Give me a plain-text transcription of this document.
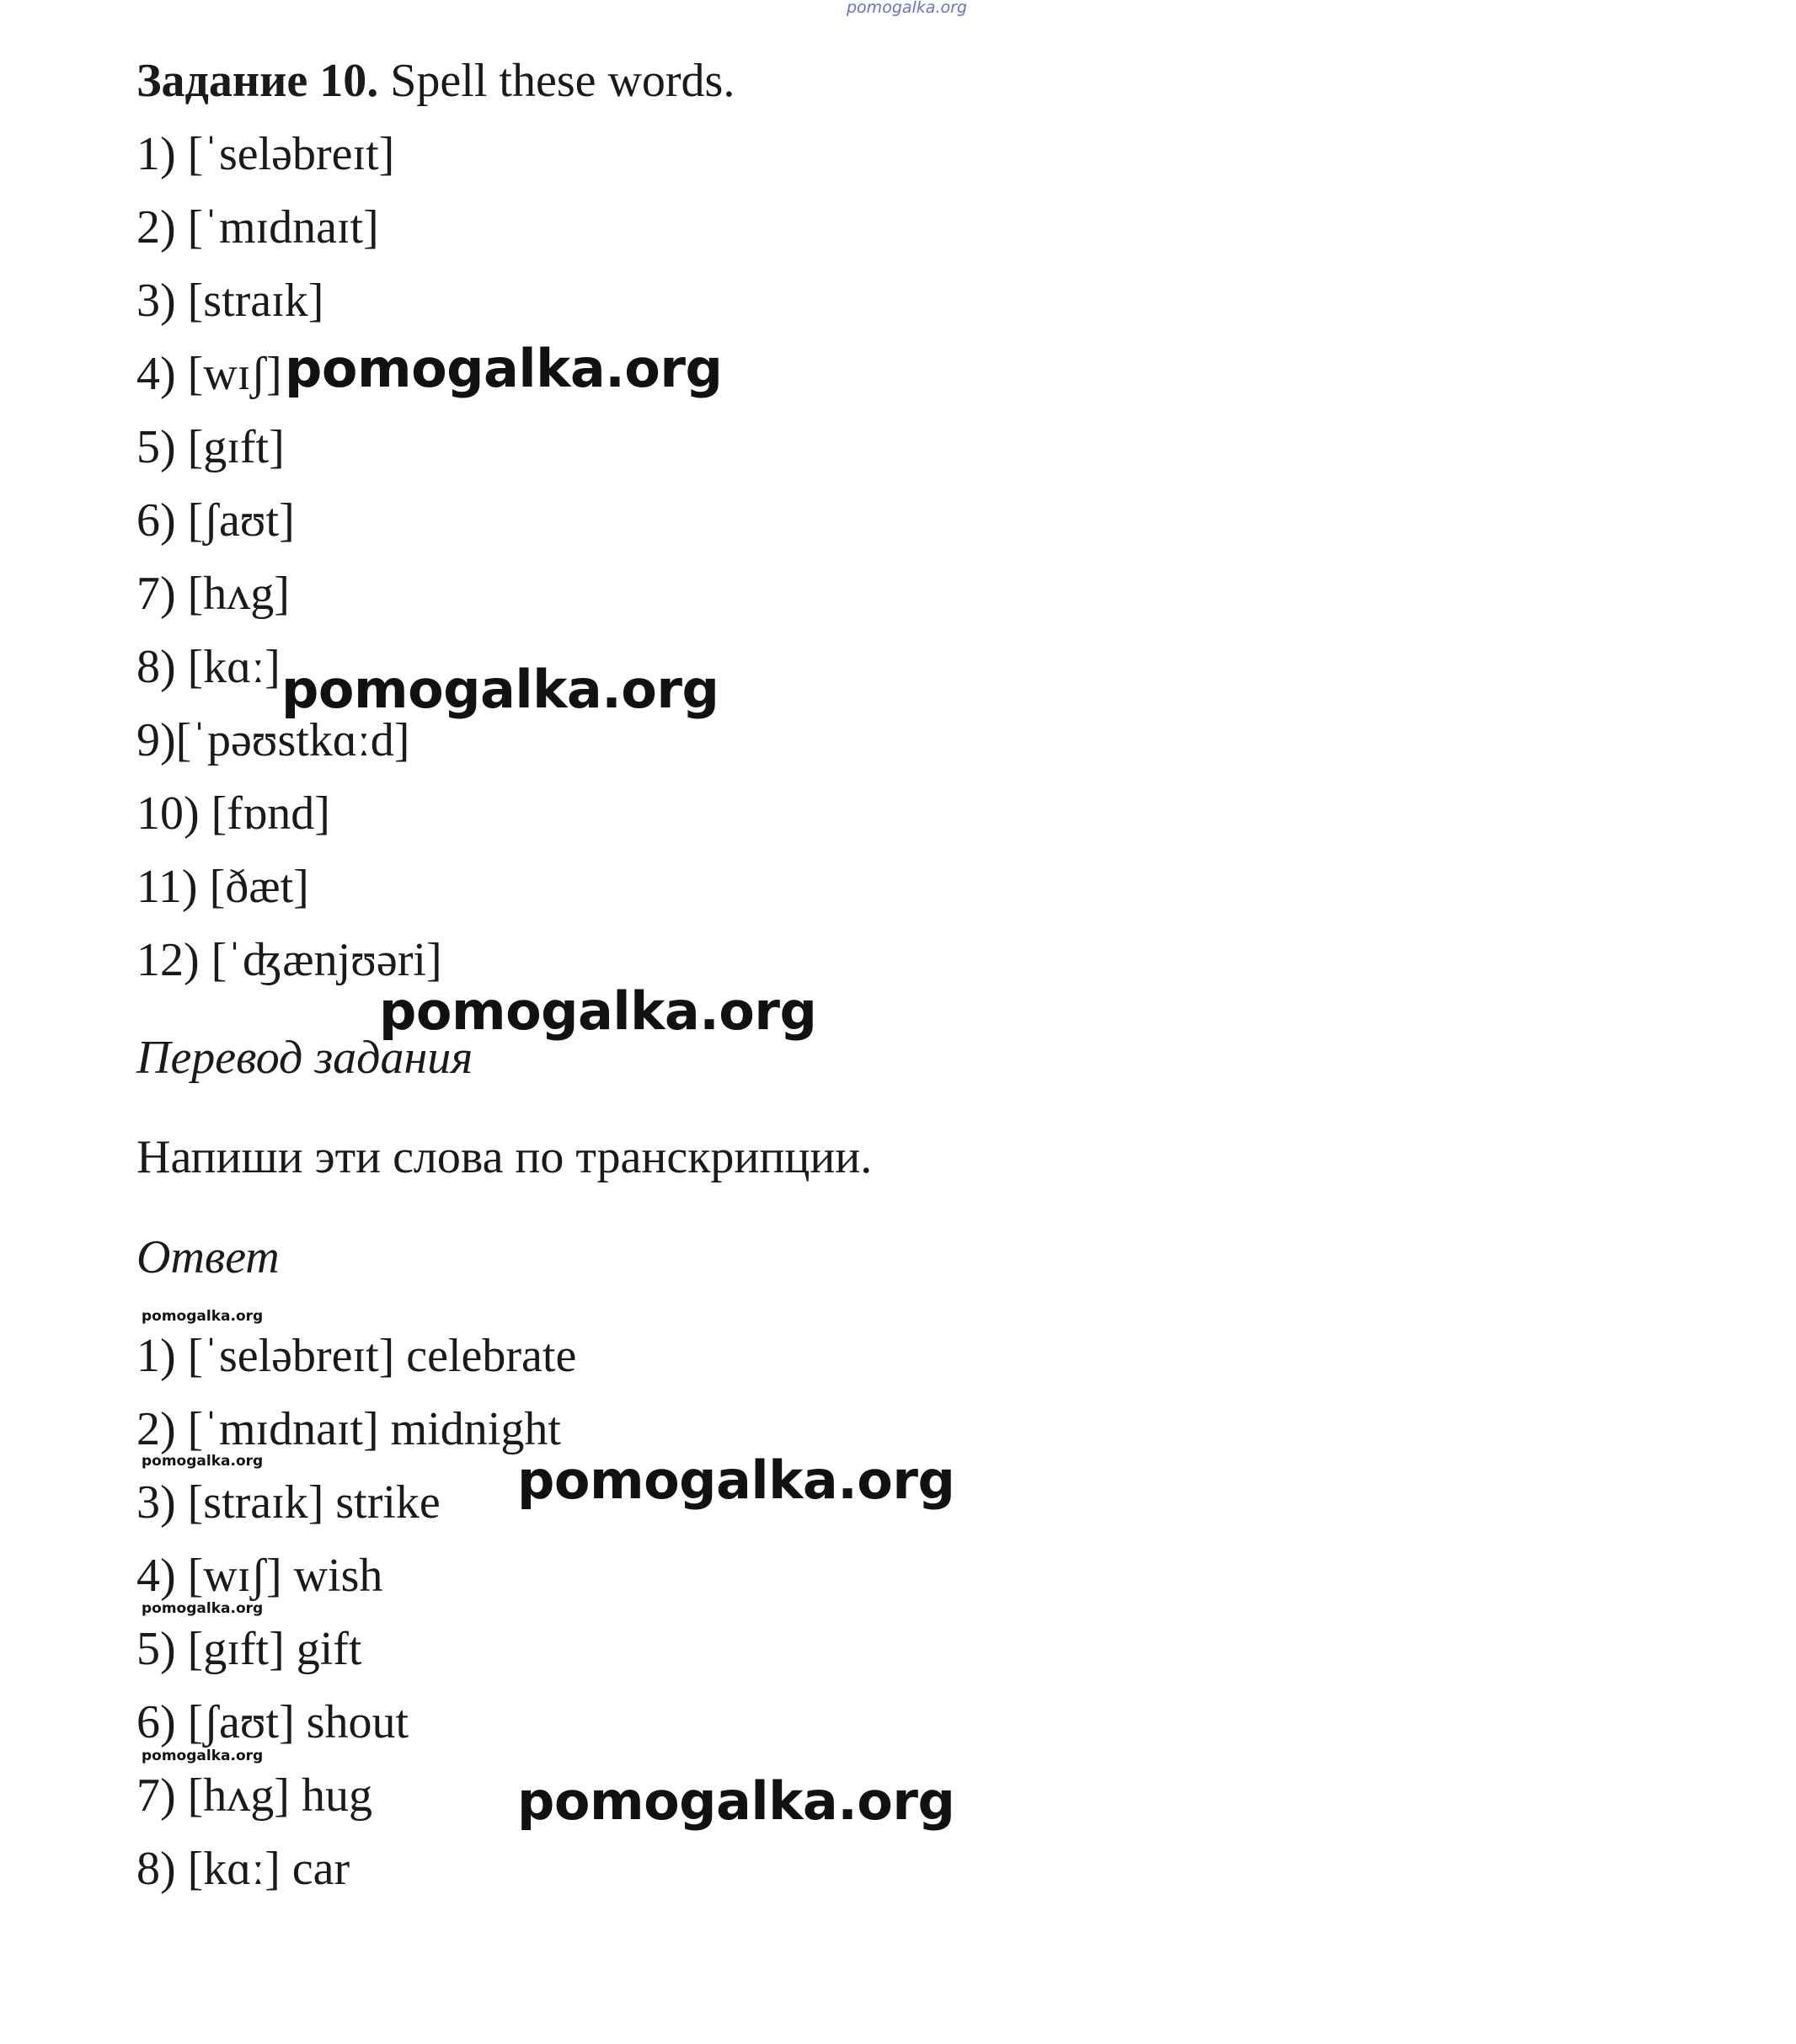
pomogalka.org
Задание 10. Spell these words.
1) [ˈseləbreɪt]
2) [ˈmɪdnaɪt]
3) [straɪk]
4) [wɪʃ]
5) [gɪft]
6) [ʃaʊt]
7) [hʌg]
8) [kɑː]
9)[ˈpəʊstkɑːd]
10) [fɒnd]
11) [ðæt]
12) [ˈʤænjʊəri]
pomogalka.org
pomogalka.org
pomogalka.org
Перевод задания
Напиши эти слова по транскрипции.
Ответ
pomogalka.org
1) [ˈseləbreɪt] celebrate
2) [ˈmɪdnaɪt] midnight
pomogalka.org
3) [straɪk] strike
4) [wɪʃ] wish
pomogalka.org
5) [gɪft] gift
6) [ʃaʊt] shout
pomogalka.org
7) [hʌg] hug
8) [kɑː] car
pomogalka.org
pomogalka.org
